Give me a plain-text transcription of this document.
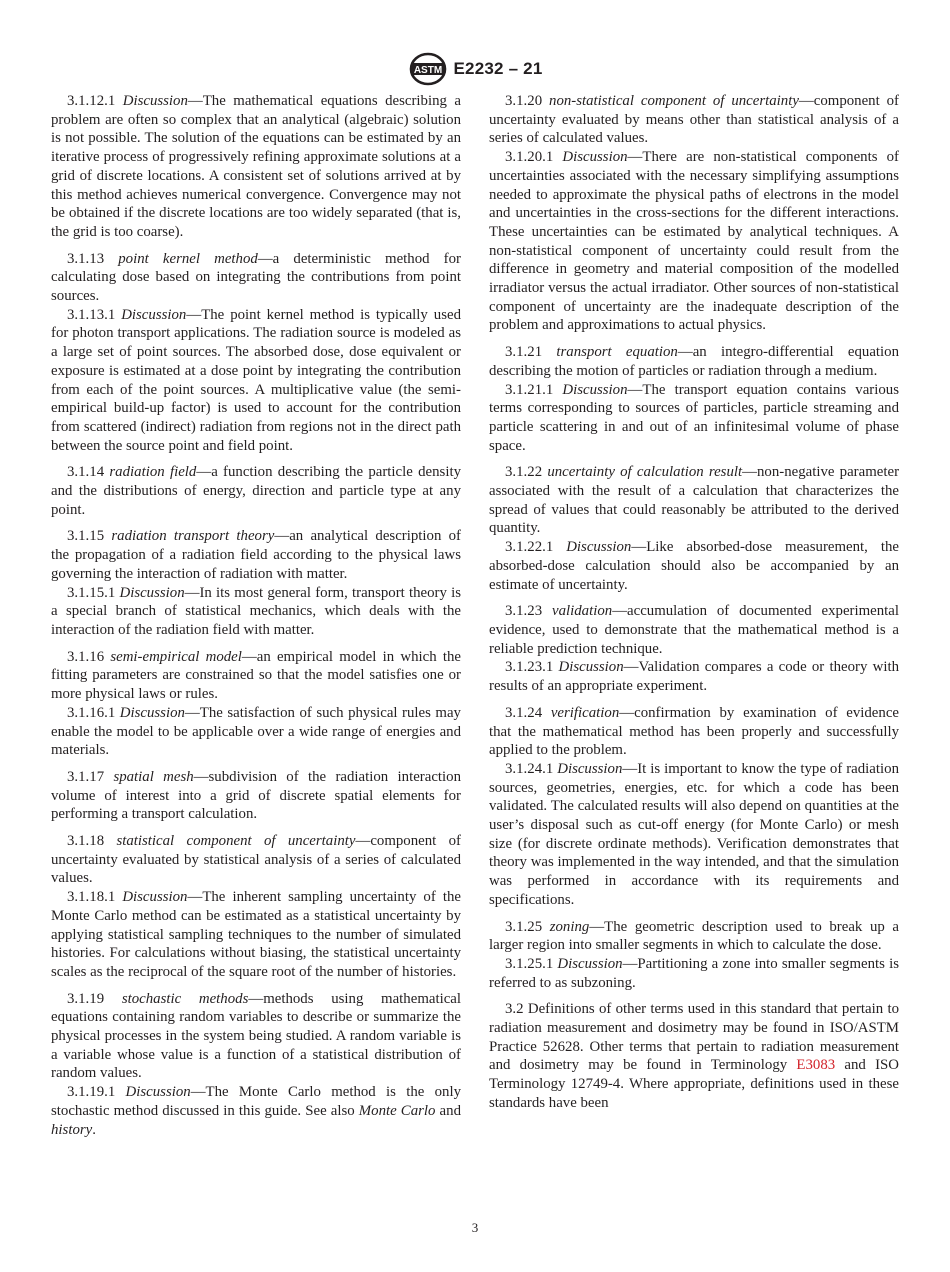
ASTM E2232 – 21

3.1.12.1 Discussion—The mathematical equations describing a problem are often so complex that an analytical (algebraic) solution is not possible. The solution of the equations can be estimated by an iterative process of progressively refining approximate solutions at a grid of discrete locations. A consistent set of solutions arrived at by this method achieves numerical convergence. Convergence may not be obtained if the discrete locations are too widely separated (that is, the grid is too coarse).

3.1.13 point kernel method—a deterministic method for calculating dose based on integrating the contributions from point sources.

3.1.13.1 Discussion—The point kernel method is typically used for photon transport applications. The radiation source is modeled as a large set of point sources. The absorbed dose, dose equivalent or exposure is estimated at a dose point by integrating the contribution from each of the point sources. A multiplicative value (the semi-empirical build-up factor) is used to account for the contribution from scattered (indirect) radiation from regions not in the direct path between the source point and field point.

3.1.14 radiation field—a function describing the particle density and the distributions of energy, direction and particle type at any point.

3.1.15 radiation transport theory—an analytical description of the propagation of a radiation field according to the physical laws governing the interaction of radiation with matter.

3.1.15.1 Discussion—In its most general form, transport theory is a special branch of statistical mechanics, which deals with the interaction of the radiation field with matter.

3.1.16 semi-empirical model—an empirical model in which the fitting parameters are constrained so that the model satisfies one or more physical laws or rules.

3.1.16.1 Discussion—The satisfaction of such physical rules may enable the model to be applicable over a wide range of energies and materials.

3.1.17 spatial mesh—subdivision of the radiation interaction volume of interest into a grid of discrete spatial elements for performing a transport calculation.

3.1.18 statistical component of uncertainty—component of uncertainty evaluated by statistical analysis of a series of calculated values.

3.1.18.1 Discussion—The inherent sampling uncertainty of the Monte Carlo method can be estimated as a statistical uncertainty by applying statistical sampling techniques to the number of simulated histories. For calculations without biasing, the statistical uncertainty scales as the reciprocal of the square root of the number of histories.

3.1.19 stochastic methods—methods using mathematical equations containing random variables to describe or summarize the physical processes in the system being studied. A random variable is a variable whose value is a function of a statistical distribution of random values.

3.1.19.1 Discussion—The Monte Carlo method is the only stochastic method discussed in this guide. See also Monte Carlo and history.

3.1.20 non-statistical component of uncertainty—component of uncertainty evaluated by means other than statistical analysis of a series of calculated values.

3.1.20.1 Discussion—There are non-statistical components of uncertainties associated with the necessary simplifying assumptions needed to approximate the physical paths of electrons in the model and uncertainties in the cross-sections for the different interactions. These uncertainties can be estimated by analytical techniques. A non-statistical component of uncertainty could result from the difference in geometry and material composition of the modelled irradiator versus the actual irradiator. Other sources of non-statistical component of uncertainty are the inadequate description of the problem and approximations to actual physics.

3.1.21 transport equation—an integro-differential equation describing the motion of particles or radiation through a medium.

3.1.21.1 Discussion—The transport equation contains various terms corresponding to sources of particles, particle streaming and particle scattering in and out of an infinitesimal volume of phase space.

3.1.22 uncertainty of calculation result—non-negative parameter associated with the result of a calculation that characterizes the spread of values that could reasonably be attributed to the derived quantity.

3.1.22.1 Discussion—Like absorbed-dose measurement, the absorbed-dose calculation should also be accompanied by an estimate of uncertainty.

3.1.23 validation—accumulation of documented experimental evidence, used to demonstrate that the mathematical method is a reliable prediction technique.

3.1.23.1 Discussion—Validation compares a code or theory with results of an appropriate experiment.

3.1.24 verification—confirmation by examination of evidence that the mathematical method has been properly and successfully applied to the problem.

3.1.24.1 Discussion—It is important to know the type of radiation sources, geometries, energies, etc. for which a code has been validated. The calculated results will also depend on quantities at the user’s disposal such as cut-off energy (for Monte Carlo) or mesh size (for discrete ordinate methods). Verification demonstrates that theory was implemented in the way intended, and that the simulation was performed in accordance with its requirements and specifications.

3.1.25 zoning—The geometric description used to break up a larger region into smaller segments in which to calculate the dose.

3.1.25.1 Discussion—Partitioning a zone into smaller segments is referred to as subzoning.

3.2 Definitions of other terms used in this standard that pertain to radiation measurement and dosimetry may be found in ISO/ASTM Practice 52628. Other terms that pertain to radiation measurement and dosimetry may be found in Terminology E3083 and ISO Terminology 12749-4. Where appropriate, definitions used in these standards have been

3
